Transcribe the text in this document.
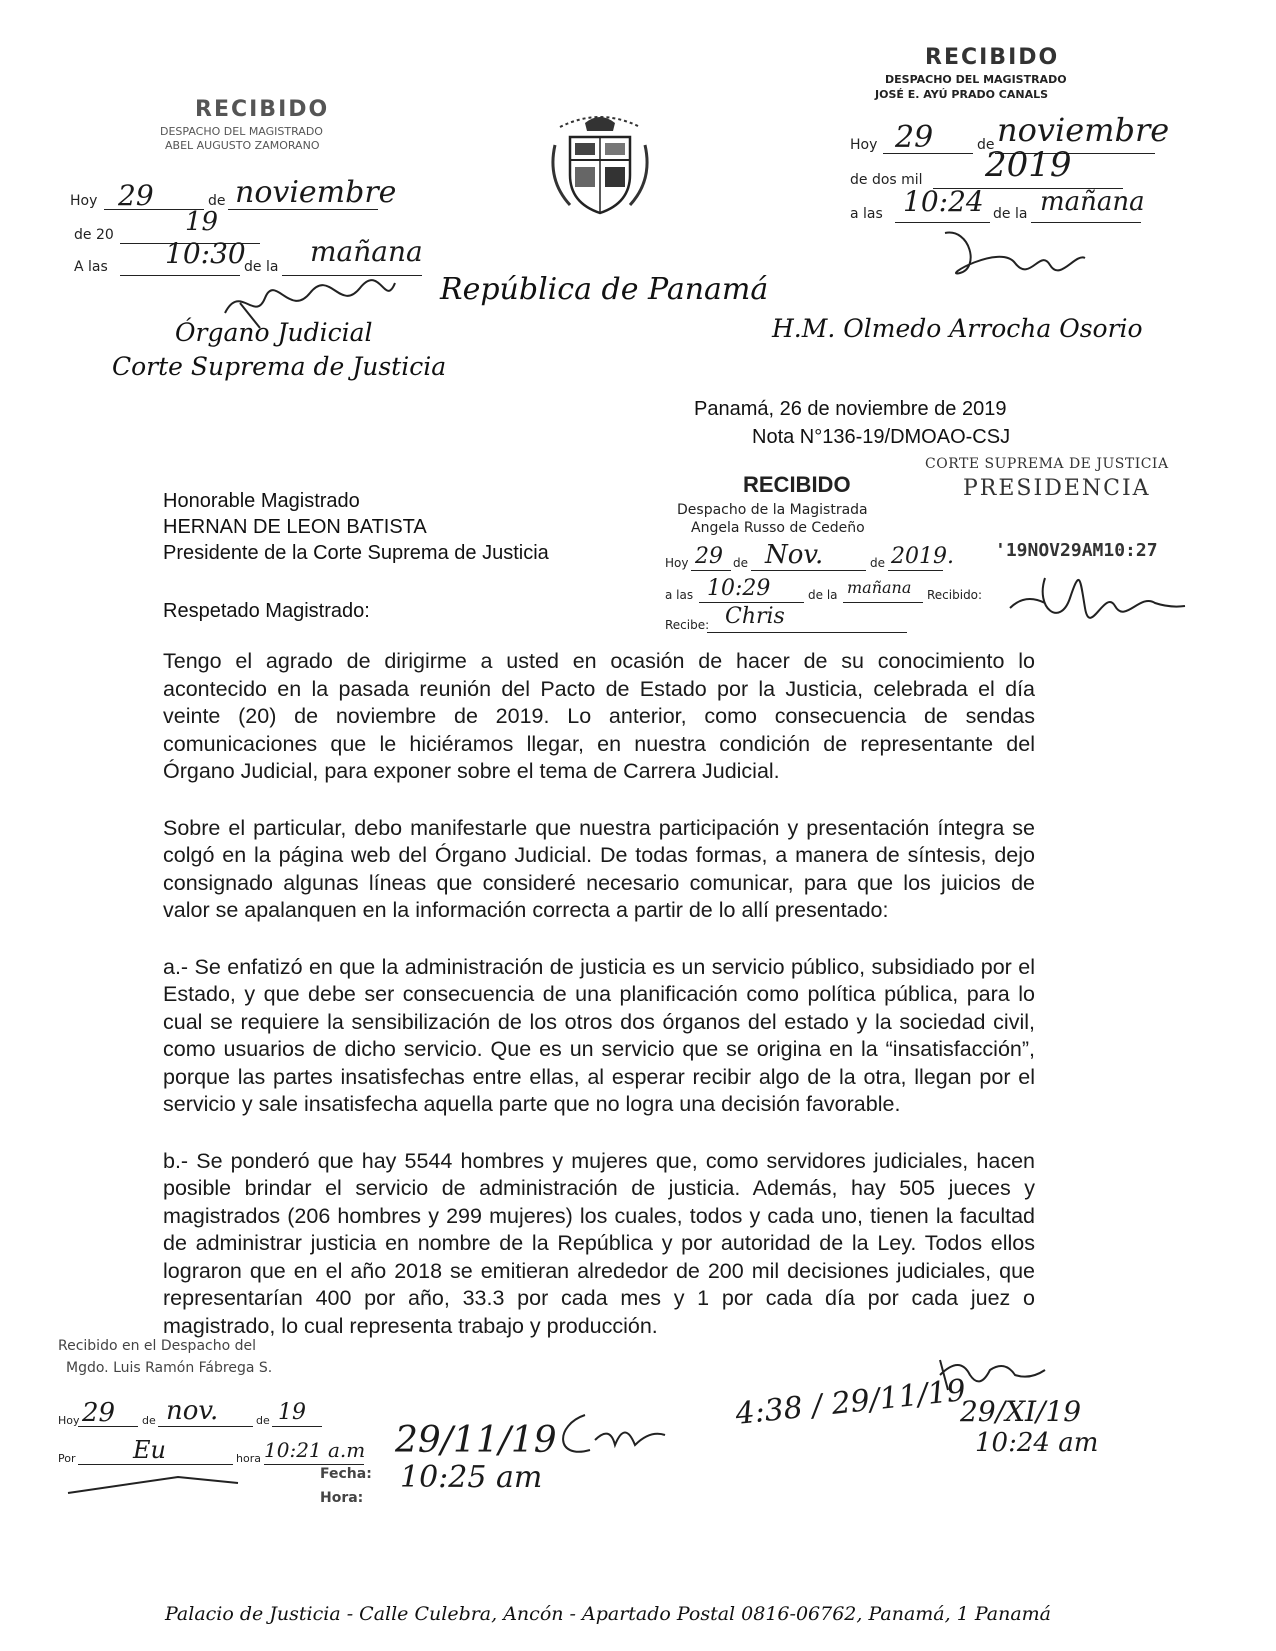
RECIBIDO
DESPACHO DEL MAGISTRADO
ABEL AUGUSTO ZAMORANO
Hoy 29	de noviembre
de 20	19
A las 10:30
de la mañana
RECIBIDO
DESPACHO DEL MAGISTRADO
JOSÉ E. AYÚ PRADO CANALS
Hoy 29	de noviembre
de dos mil 2019
a las 10:24 de la mañana
República de Panamá
Órgano Judicial
Corte Suprema de Justicia
H.M. Olmedo Arrocha Osorio
Panamá, 26 de noviembre de 2019
Nota N°136-19/DMOAO-CSJ
CORTE SUPREMA DE JUSTICIA
PRESIDENCIA
'19NOV29AM10:27
Honorable Magistrado
HERNAN DE LEON BATISTA
Presidente de la Corte Suprema de Justicia
RECIBIDO
Despacho de la Magistrada
Angela Russo de Cedeño
Hoy 29 de Nov.	de 2019.
a las 10:29	de la mañana Recibido:
Recibe: Chris
Respetado Magistrado:

Tengo el agrado de dirigirme a usted en ocasión de hacer de su conocimiento lo acontecido en la pasada reunión del Pacto de Estado por la Justicia, celebrada el día veinte (20) de noviembre de 2019. Lo anterior, como consecuencia de sendas comunicaciones que le hiciéramos llegar, en nuestra condición de representante del Órgano Judicial, para exponer sobre el tema de Carrera Judicial.

Sobre el particular, debo manifestarle que nuestra participación y presentación íntegra se colgó en la página web del Órgano Judicial. De todas formas, a manera de síntesis, dejo consignado algunas líneas que consideré necesario comunicar, para que los juicios de valor se apalanquen en la información correcta a partir de lo allí presentado:

a.- Se enfatizó en que la administración de justicia es un servicio público, subsidiado por el Estado, y que debe ser consecuencia de una planificación como política pública, para lo cual se requiere la sensibilización de los otros dos órganos del estado y la sociedad civil, como usuarios de dicho servicio. Que es un servicio que se origina en la “insatisfacción”, porque las partes insatisfechas entre ellas, al esperar recibir algo de la otra, llegan por el servicio y sale insatisfecha aquella parte que no logra una decisión favorable.

b.- Se ponderó que hay 5544 hombres y mujeres que, como servidores judiciales, hacen posible brindar el servicio de administración de justicia. Además, hay 505 jueces y magistrados (206 hombres y 299 mujeres) los cuales, todos y cada uno, tienen la facultad de administrar justicia en nombre de la República y por autoridad de la Ley. Todos ellos lograron que en el año 2018 se emitieran alrededor de 200 mil decisiones judiciales, que representarían 400 por año, 33.3 por cada mes y 1 por cada día por cada juez o magistrado, lo cual representa trabajo y producción.

Recibido en el Despacho del
Mgdo. Luis Ramón Fábrega S.
Hoy 29 de nov.	de 19
Por Eu	hora 10:21 a.m
Fecha:
Hora:
29/11/19
10:25 am
4:38 / 29/11/19
29/XI/19
10:24 am
Palacio de Justicia - Calle Culebra, Ancón - Apartado Postal 0816-06762, Panamá, 1 Panamá
